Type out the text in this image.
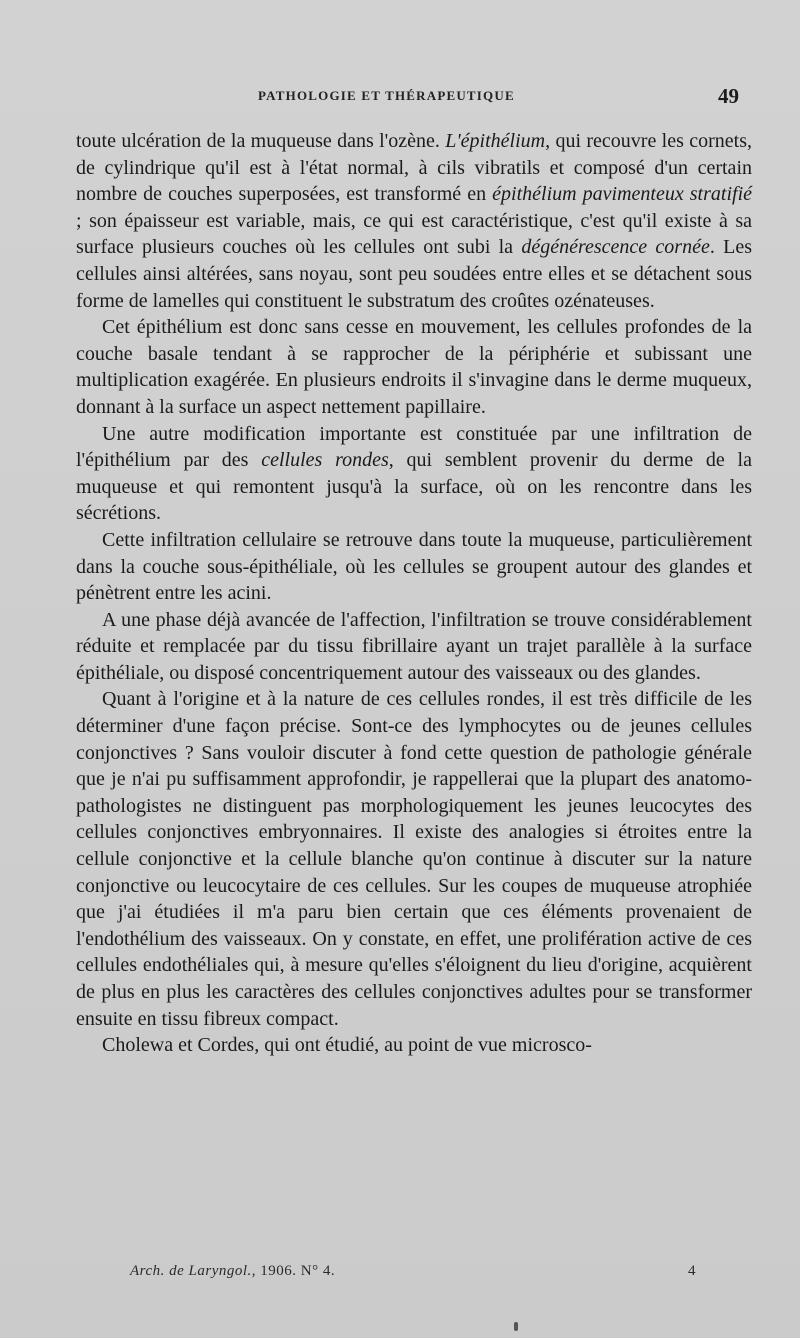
PATHOLOGIE ET THÉRAPEUTIQUE	49

toute ulcération de la muqueuse dans l'ozène. L'épithélium, qui recouvre les cornets, de cylindrique qu'il est à l'état normal, à cils vibratils et composé d'un certain nombre de couches superposées, est transformé en épithélium pavimenteux stratifié ; son épaisseur est variable, mais, ce qui est caractéristique, c'est qu'il existe à sa surface plusieurs couches où les cellules ont subi la dégénérescence cornée. Les cellules ainsi altérées, sans noyau, sont peu soudées entre elles et se détachent sous forme de lamelles qui constituent le substratum des croûtes ozénateuses.

Cet épithélium est donc sans cesse en mouvement, les cellules profondes de la couche basale tendant à se rapprocher de la périphérie et subissant une multiplication exagérée. En plusieurs endroits il s'invagine dans le derme muqueux, donnant à la surface un aspect nettement papillaire.

Une autre modification importante est constituée par une infiltration de l'épithélium par des cellules rondes, qui semblent provenir du derme de la muqueuse et qui remontent jusqu'à la surface, où on les rencontre dans les sécrétions.

Cette infiltration cellulaire se retrouve dans toute la muqueuse, particulièrement dans la couche sous-épithéliale, où les cellules se groupent autour des glandes et pénètrent entre les acini.

A une phase déjà avancée de l'affection, l'infiltration se trouve considérablement réduite et remplacée par du tissu fibrillaire ayant un trajet parallèle à la surface épithéliale, ou disposé concentriquement autour des vaisseaux ou des glandes.

Quant à l'origine et à la nature de ces cellules rondes, il est très difficile de les déterminer d'une façon précise. Sont-ce des lymphocytes ou de jeunes cellules conjonctives ? Sans vouloir discuter à fond cette question de pathologie générale que je n'ai pu suffisamment approfondir, je rappellerai que la plupart des anatomo-pathologistes ne distinguent pas morphologiquement les jeunes leucocytes des cellules conjonctives embryonnaires. Il existe des analogies si étroites entre la cellule conjonctive et la cellule blanche qu'on continue à discuter sur la nature conjonctive ou leucocytaire de ces cellules. Sur les coupes de muqueuse atrophiée que j'ai étudiées il m'a paru bien certain que ces éléments provenaient de l'endothélium des vaisseaux. On y constate, en effet, une prolifération active de ces cellules endothéliales qui, à mesure qu'elles s'éloignent du lieu d'origine, acquièrent de plus en plus les caractères des cellules conjonctives adultes pour se transformer ensuite en tissu fibreux compact.

Cholewa et Cordes, qui ont étudié, au point de vue microsco-

Arch. de Laryngol., 1906. N° 4.	4
